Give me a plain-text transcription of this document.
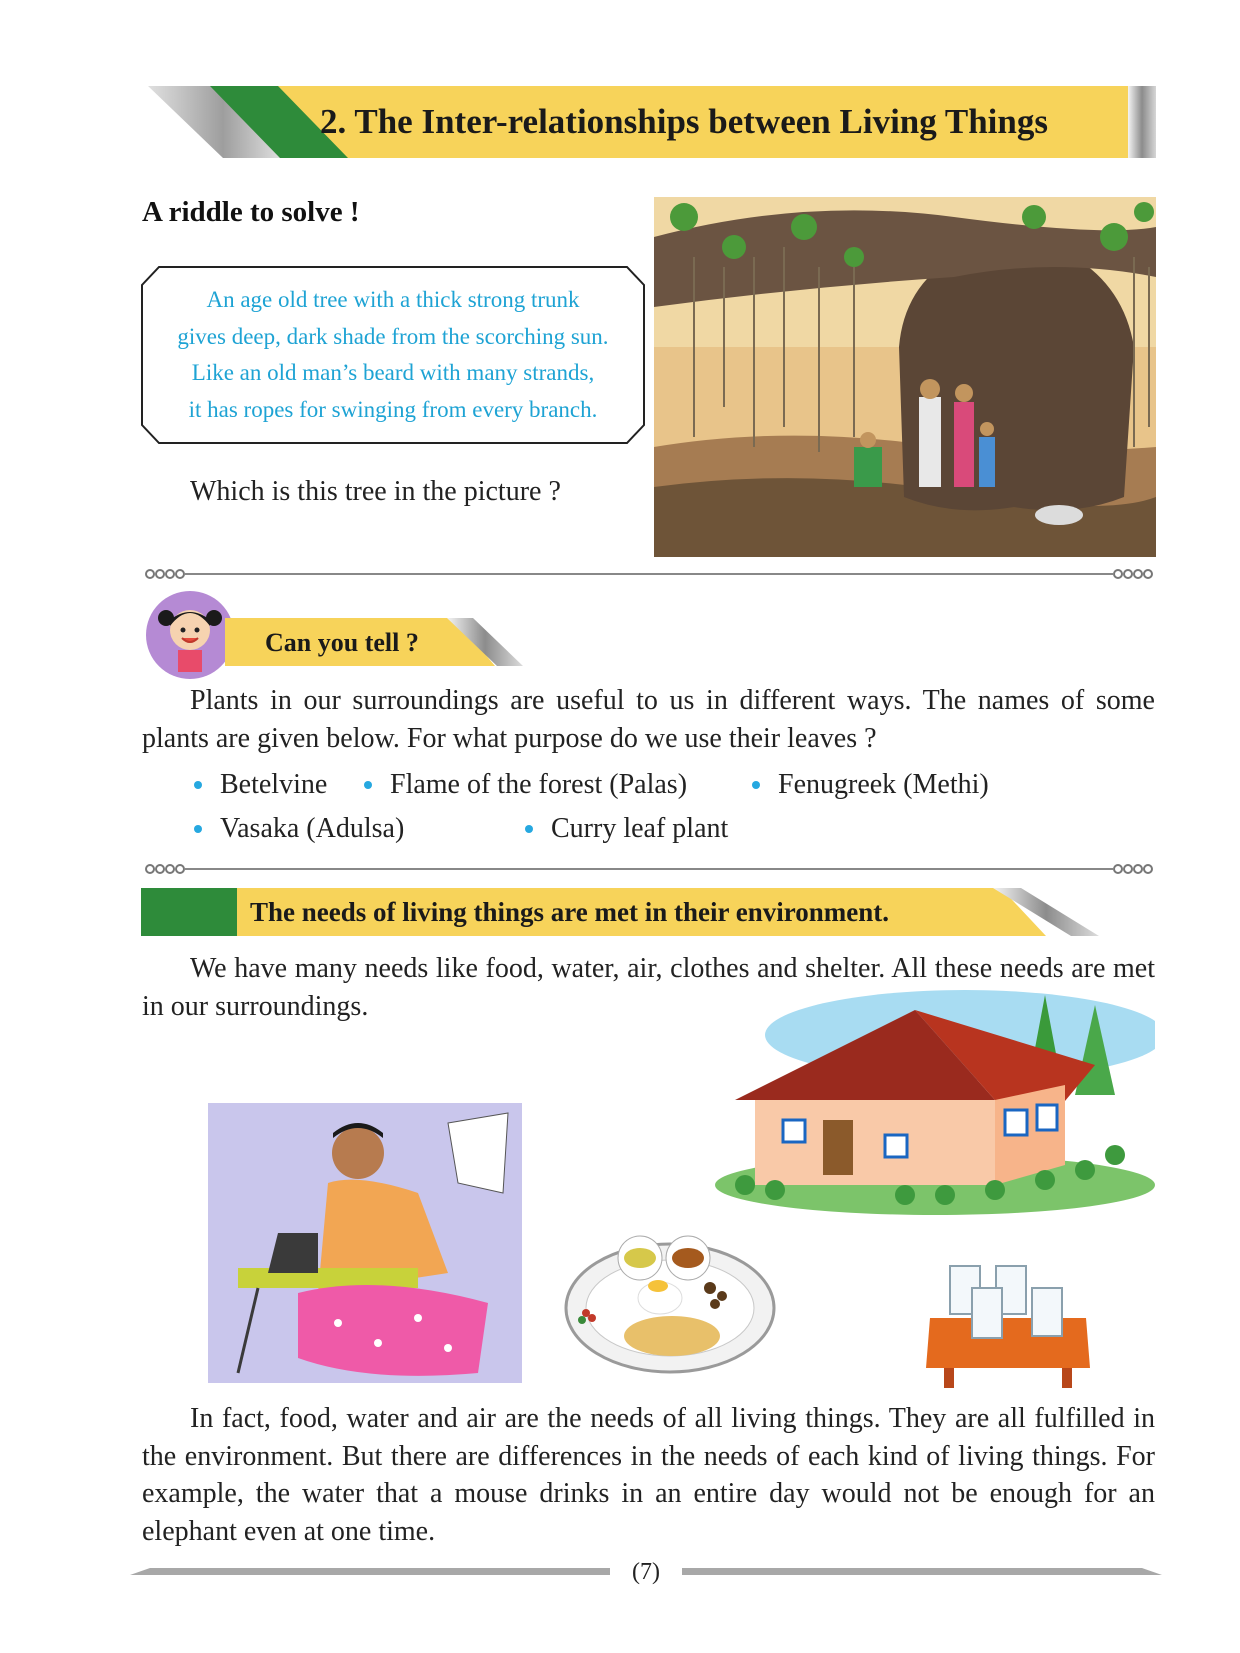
2. The Inter-relationships between Living Things
A riddle to solve !
An age old tree with a thick strong trunk
gives deep, dark shade from the scorching sun.
Like an old man’s beard with many strands,
it has ropes for swinging from every branch.
Which is this tree in the picture ?
Can you tell ?
Plants in our surroundings are useful to us in different ways. The names of some plants are given below. For what purpose do we use their leaves ?
Betelvine	Flame of the forest (Palas)	Fenugreek (Methi)
Vasaka (Adulsa)	Curry leaf plant
The needs of living things are met in their environment.
We have many needs like food, water, air, clothes and shelter. All these needs are met in our surroundings.
In fact, food, water and air are the needs of all living things. They are all fulfilled in the environment. But there are differences in the needs of each kind of living things. For example, the water that a mouse drinks in an entire day would not be enough for an elephant even at one time.
(7)
